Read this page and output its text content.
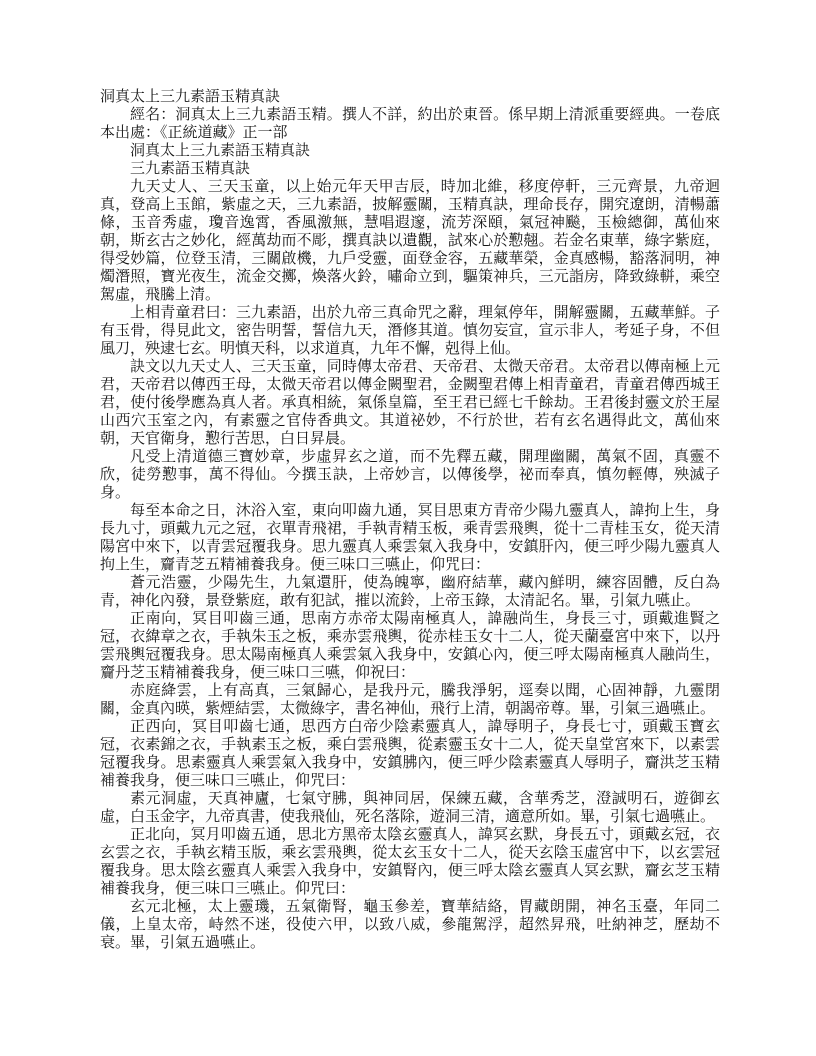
洞真太上三九素語玉精真訣

經名：洞真太上三九素語玉精。撰人不詳，約出於東晉。係早期上清派重要經典。一卷底本出處：《正統道藏》正一部

洞真太上三九素語玉精真訣

三九素語玉精真訣

九天丈人、三天玉童，以上始元年天甲吉辰，時加北維，移度停軒，三元齊景，九帝迴真，登高上玉館，紫虛之天，三九素語，披解靈關，玉精真訣，理命長存，開究遼朗，清暢蕭條，玉音秀虛，瓊音逸霄，香風激無，慧唱遐邃，流芳深頤，氣冠神飈，玉檢總御，萬仙來朝，斯玄古之妙化，經萬劫而不彫，撰真訣以遺觀，試來心於懃翹。若金名東華，綠字紫庭，得受妙篇，位登玉清，三關啟機，九戶受靈，面登金容，五藏華榮，金真感暢，豁落洞明，神燭潛照，寶光夜生，流金交擲，煥落火鈴，嘯命立到，驅策神兵，三元詣房，降致綠軿，乘空駕虛，飛騰上清。

上相青童君曰：三九素語，出於九帝三真命咒之辭，理氣停年，開解靈關，五藏華鮮。子有玉骨，得見此文，密告明誓，誓信九天，潛修其道。慎勿妄宣，宣示非人，考延子身，不但風刀，殃逮七玄。明慎天科，以求道真，九年不懈，剋得上仙。

訣文以九天丈人、三天玉童，同時傳太帝君、天帝君、太微天帝君。太帝君以傳南極上元君，天帝君以傳西王母，太微天帝君以傳金闕聖君，金闕聖君傳上相青童君，青童君傳西城王君，使付後學應為真人者。承真相統，氣係皇篇，至王君已經七千餘劫。王君後封靈文於王屋山西穴玉室之內，有素靈之官侍香典文。其道祕妙，不行於世，若有玄名遇得此文，萬仙來朝，天官衛身，懃行苦思，白日昇晨。

凡受上清道德三寶妙章，步虛昇玄之道，而不先釋五藏，開理幽關，萬氣不固，真靈不欣，徒勞懃事，萬不得仙。今撰玉訣，上帝妙言，以傳後學，祕而奉真，慎勿輕傳，殃滅子身。

每至本命之日，沐浴入室，東向叩齒九通，冥目思東方青帝少陽九靈真人，諱拘上生，身長九寸，頭戴九元之冠，衣單青飛裙，手執青精玉板，乘青雲飛輿，從十二青桂玉女，從天清陽宮中來下，以青雲冠覆我身。思九靈真人乘雲氣入我身中，安鎮肝內，便三呼少陽九靈真人拘上生，齎青芝五精補養我身。便三味口三嚥止，仰咒曰：

蒼元浩靈，少陽先生，九氣還肝，使為魄寧，幽府結華，藏內鮮明，練容固體，反白為青，神化內發，景登紫庭，敢有犯試，摧以流鈴，上帝玉錄，太清記名。畢，引氣九嚥止。

正南向，冥目叩齒三通，思南方赤帝太陽南極真人，諱融尚生，身長三寸，頭戴進賢之冠，衣緯章之衣，手執朱玉之板，乘赤雲飛輿，從赤桂玉女十二人，從天蘭臺宮中來下，以丹雲飛輿冠覆我身。思太陽南極真人乘雲氣入我身中，安鎮心內，便三呼太陽南極真人融尚生，齎丹芝玉精補養我身，便三味口三嚥，仰祝曰：

赤庭絳雲，上有高真，三氣歸心，是我丹元，騰我淨躬，逕奏以聞，心固神靜，九靈閉關，金真內暎，紫煙結雲，太微綠字，書名神仙，飛行上清，朝謁帝尊。畢，引氣三過嚥止。

正西向，冥目叩齒七通，思西方白帝少陰素靈真人，諱辱明子，身長七寸，頭戴玉寶玄冠，衣素錦之衣，手執素玉之板，乘白雲飛輿，從素靈玉女十二人，從天皇堂宮來下，以素雲冠覆我身。思素靈真人乘雲氣入我身中，安鎮胇內，便三呼少陰素靈真人辱明子，齎洪芝玉精補養我身，便三味口三嚥止，仰咒曰：

素元洞虛，天真神廬，七氣守胇，與神同居，保練五藏，含華秀芝，澄誠明石，遊御玄虛，白玉金字，九帝真書，使我飛仙，死名落除，遊洞三清，適意所如。畢，引氣七過嚥止。

正北向，冥月叩齒五通，思北方黑帝太陰玄靈真人，諱冥玄默，身長五寸，頭戴玄冠，衣玄雲之衣，手執玄精玉版，乘玄雲飛輿，從太玄玉女十二人，從天玄陰玉虛宮中下，以玄雲冠覆我身。思太陰玄靈真人乘雲入我身中，安鎮腎內，便三呼太陰玄靈真人冥玄默，齎玄芝玉精補養我身，便三味口三嚥止。仰咒曰：

玄元北極，太上靈璣，五氣衛腎，龜玉參差，寶華結絡，胃藏朗開，神名玉臺，年同二儀，上皇太帝，峙然不迷，役使六甲，以致八威，參龍駕浮，超然昇飛，吐納神芝，歷劫不衰。畢，引氣五過嚥止。
